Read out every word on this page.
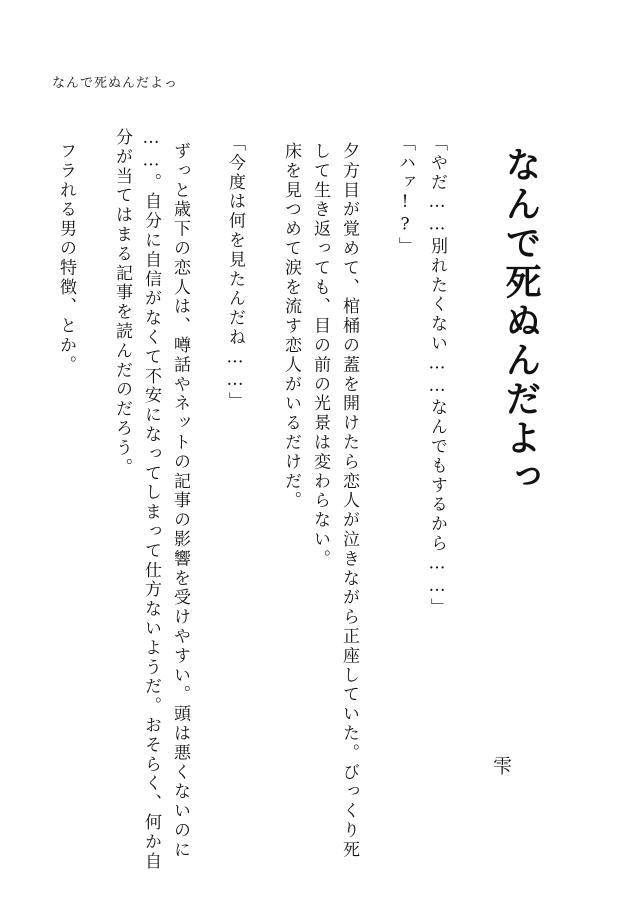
なんで死ぬんだよっ
なんで死ぬんだよっ
雫
「やだ……別れたくない……なんでもするから……」
「ハァ!?」
夕方目が覚めて、棺桶の蓋を開けたら恋人が泣きながら正座していた。びっくり死
して生き返っても、目の前の光景は変わらない。
床を見つめて涙を流す恋人がいるだけだ。
「今度は何を見たんだね……」
ずっと歳下の恋人は、噂話やネットの記事の影響を受けやすい。頭は悪くないのに
……。自分に自信がなくて不安になってしまって仕方ないようだ。おそらく、何か自
分が当てはまる記事を読んだのだろう。
フラれる男の特徴、とか。
